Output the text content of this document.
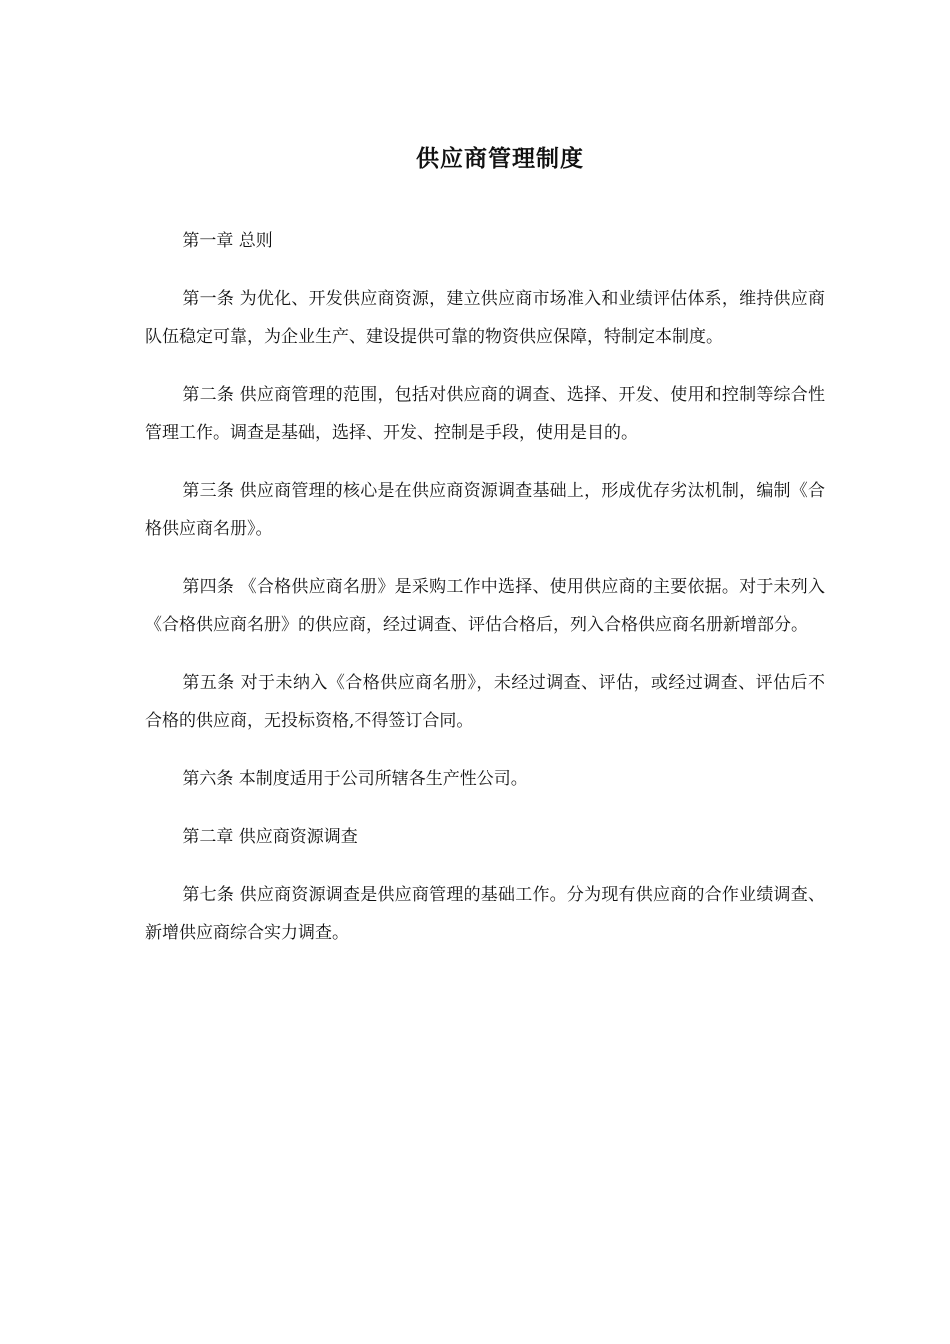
供应商管理制度

第一章 总则

第一条 为优化、开发供应商资源，建立供应商市场准入和业绩评估体系，维持供应商队伍稳定可靠，为企业生产、建设提供可靠的物资供应保障，特制定本制度。

第二条 供应商管理的范围，包括对供应商的调查、选择、开发、使用和控制等综合性管理工作。调查是基础，选择、开发、控制是手段，使用是目的。

第三条 供应商管理的核心是在供应商资源调查基础上，形成优存劣汰机制，编制《合格供应商名册》。

第四条 《合格供应商名册》是采购工作中选择、使用供应商的主要依据。对于未列入《合格供应商名册》的供应商，经过调查、评估合格后，列入合格供应商名册新增部分。

第五条 对于未纳入《合格供应商名册》，未经过调查、评估，或经过调查、评估后不合格的供应商，无投标资格,不得签订合同。

第六条 本制度适用于公司所辖各生产性公司。

第二章 供应商资源调查

第七条 供应商资源调查是供应商管理的基础工作。分为现有供应商的合作业绩调查、新增供应商综合实力调查。
